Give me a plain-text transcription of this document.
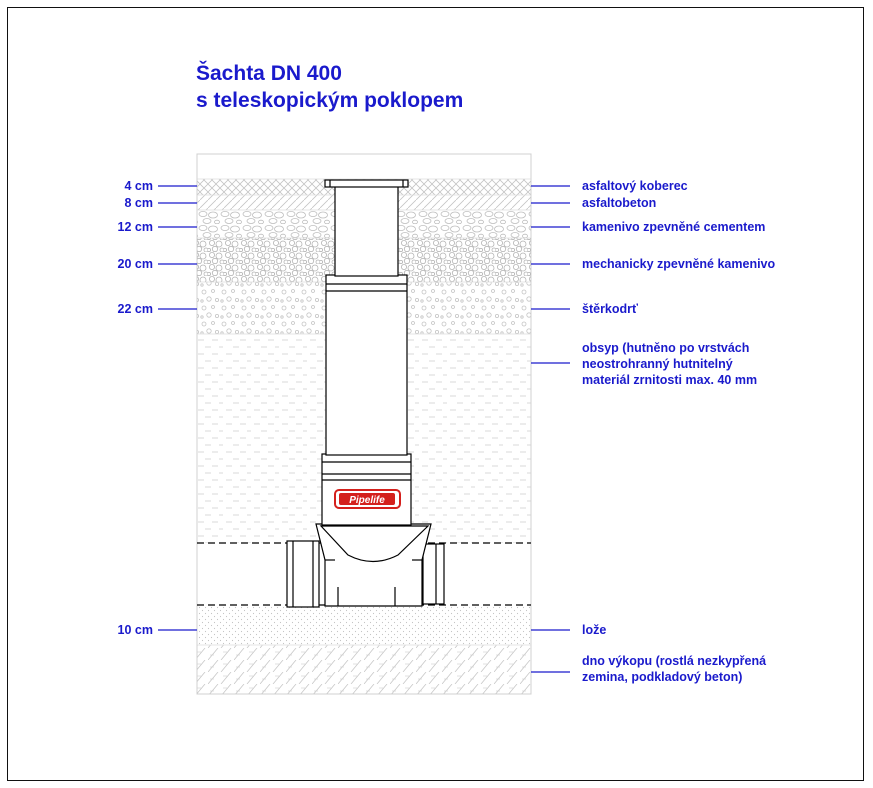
Šachta DN 400
s teleskopickým poklopem
Pipelife
4 cm
8 cm
12 cm
20 cm
22 cm
10 cm
asfaltový koberec
asfaltobeton
kamenivo zpevněné cementem
mechanicky zpevněné kamenivo
štěrkodrť
obsyp (hutněno po vrstvách
neostrohranný hutnitelný
materiál zrnitosti max. 40 mm
lože
dno výkopu (rostlá nezkypřená
zemina, podkladový beton)
